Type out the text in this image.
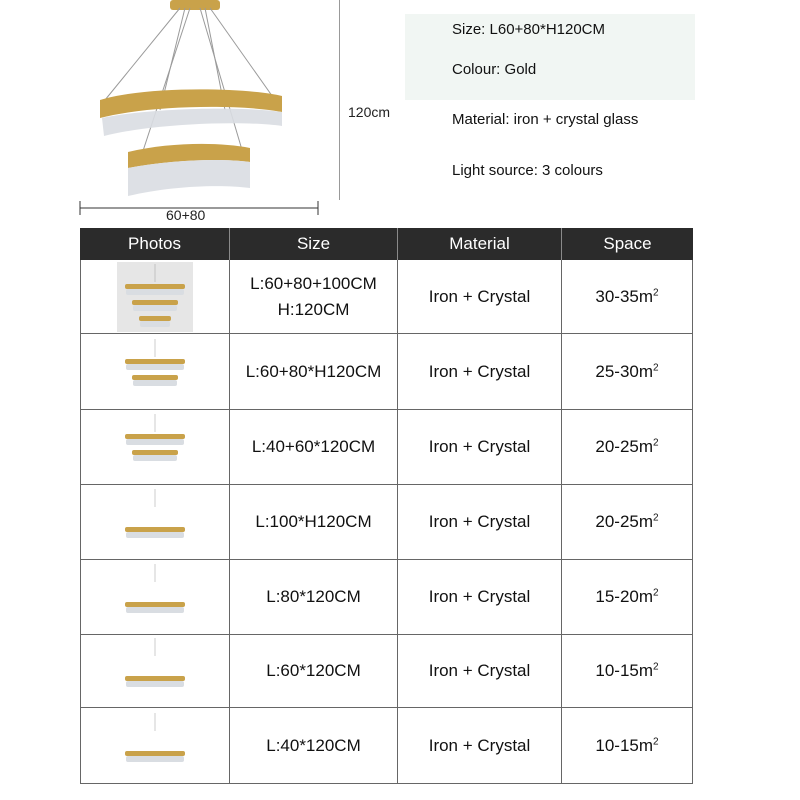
60+80
120cm
Size: L60+80*H120CM
Colour: Gold
Material: iron + crystal glass
Light source: 3 colours
Photos	Size	Material	Space
L:60+80+100CM
H:120CM
Iron + Crystal	$30-35m^2$
L:60+80*H120CM	Iron + Crystal	$25-30m^2$
L:40+60*120CM	Iron + Crystal	$20-25m^2$
L:100*H120CM	Iron + Crystal	$20-25m^2$
L:80*120CM	Iron + Crystal	$15-20m^2$
L:60*120CM	Iron + Crystal	$10-15m^2$
L:40*120CM	Iron + Crystal	$10-15m^2$
